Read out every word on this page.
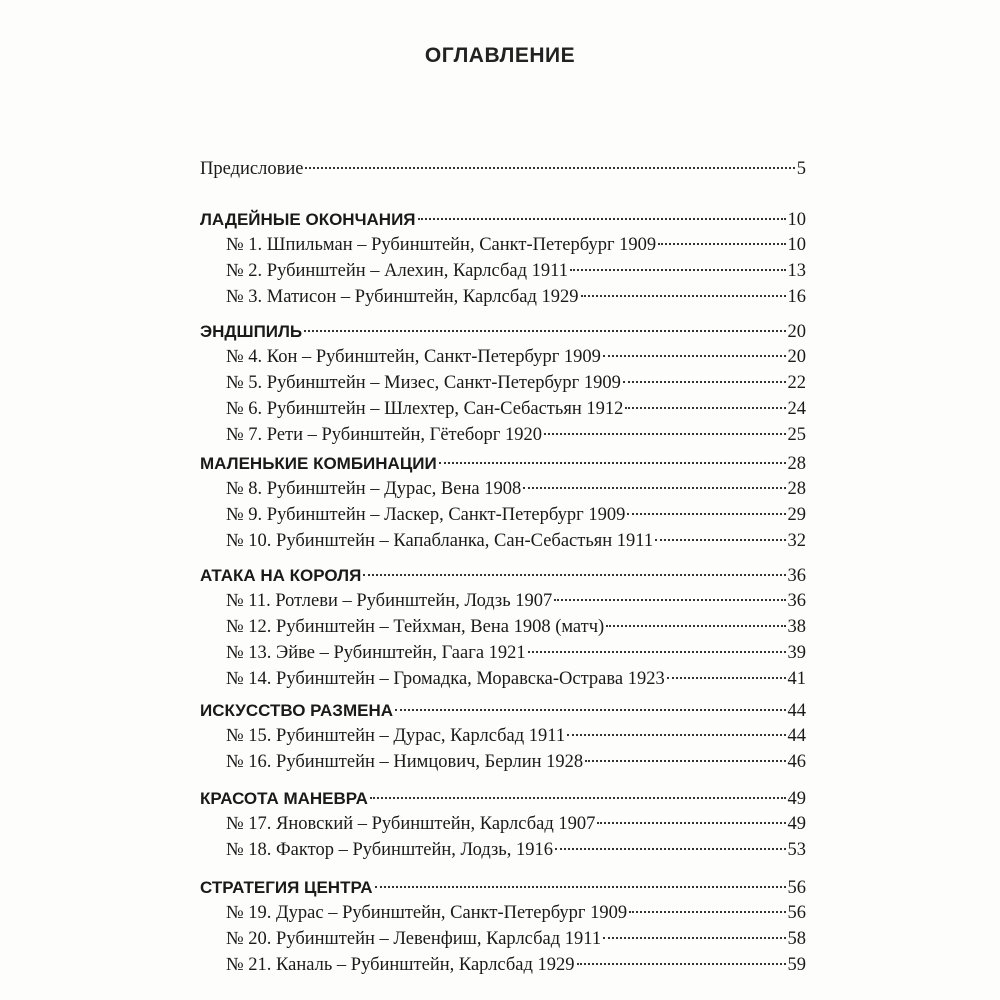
ОГЛАВЛЕНИЕ
Предисловие	5
ЛАДЕЙНЫЕ ОКОНЧАНИЯ	10
№ 1. Шпильман – Рубинштейн, Санкт-Петербург 1909	10
№ 2. Рубинштейн – Алехин, Карлсбад 1911	13
№ 3. Матисон – Рубинштейн, Карлсбад 1929	16
ЭНДШПИЛЬ	20
№ 4. Кон – Рубинштейн, Санкт-Петербург 1909	20
№ 5. Рубинштейн – Мизес, Санкт-Петербург 1909	22
№ 6. Рубинштейн – Шлехтер, Сан-Себастьян 1912	24
№ 7. Рети – Рубинштейн, Гётеборг 1920	25
МАЛЕНЬКИЕ КОМБИНАЦИИ	28
№ 8. Рубинштейн – Дурас, Вена 1908	28
№ 9. Рубинштейн – Ласкер, Санкт-Петербург 1909	29
№ 10. Рубинштейн – Капабланка, Сан-Себастьян 1911	32
АТАКА НА КОРОЛЯ	36
№ 11. Ротлеви – Рубинштейн, Лодзь 1907	36
№ 12. Рубинштейн – Тейхман, Вена 1908 (матч)	38
№ 13. Эйве – Рубинштейн, Гаага 1921	39
№ 14. Рубинштейн – Громадка, Моравска-Острава 1923	41
ИСКУССТВО РАЗМЕНА	44
№ 15. Рубинштейн – Дурас, Карлсбад 1911	44
№ 16. Рубинштейн – Нимцович, Берлин 1928	46
КРАСОТА МАНЕВРА	49
№ 17. Яновский – Рубинштейн, Карлсбад 1907	49
№ 18. Фактор – Рубинштейн, Лодзь, 1916	53
СТРАТЕГИЯ ЦЕНТРА	56
№ 19. Дурас – Рубинштейн, Санкт-Петербург 1909	56
№ 20. Рубинштейн – Левенфиш, Карлсбад 1911	58
№ 21. Каналь – Рубинштейн, Карлсбад 1929	59
